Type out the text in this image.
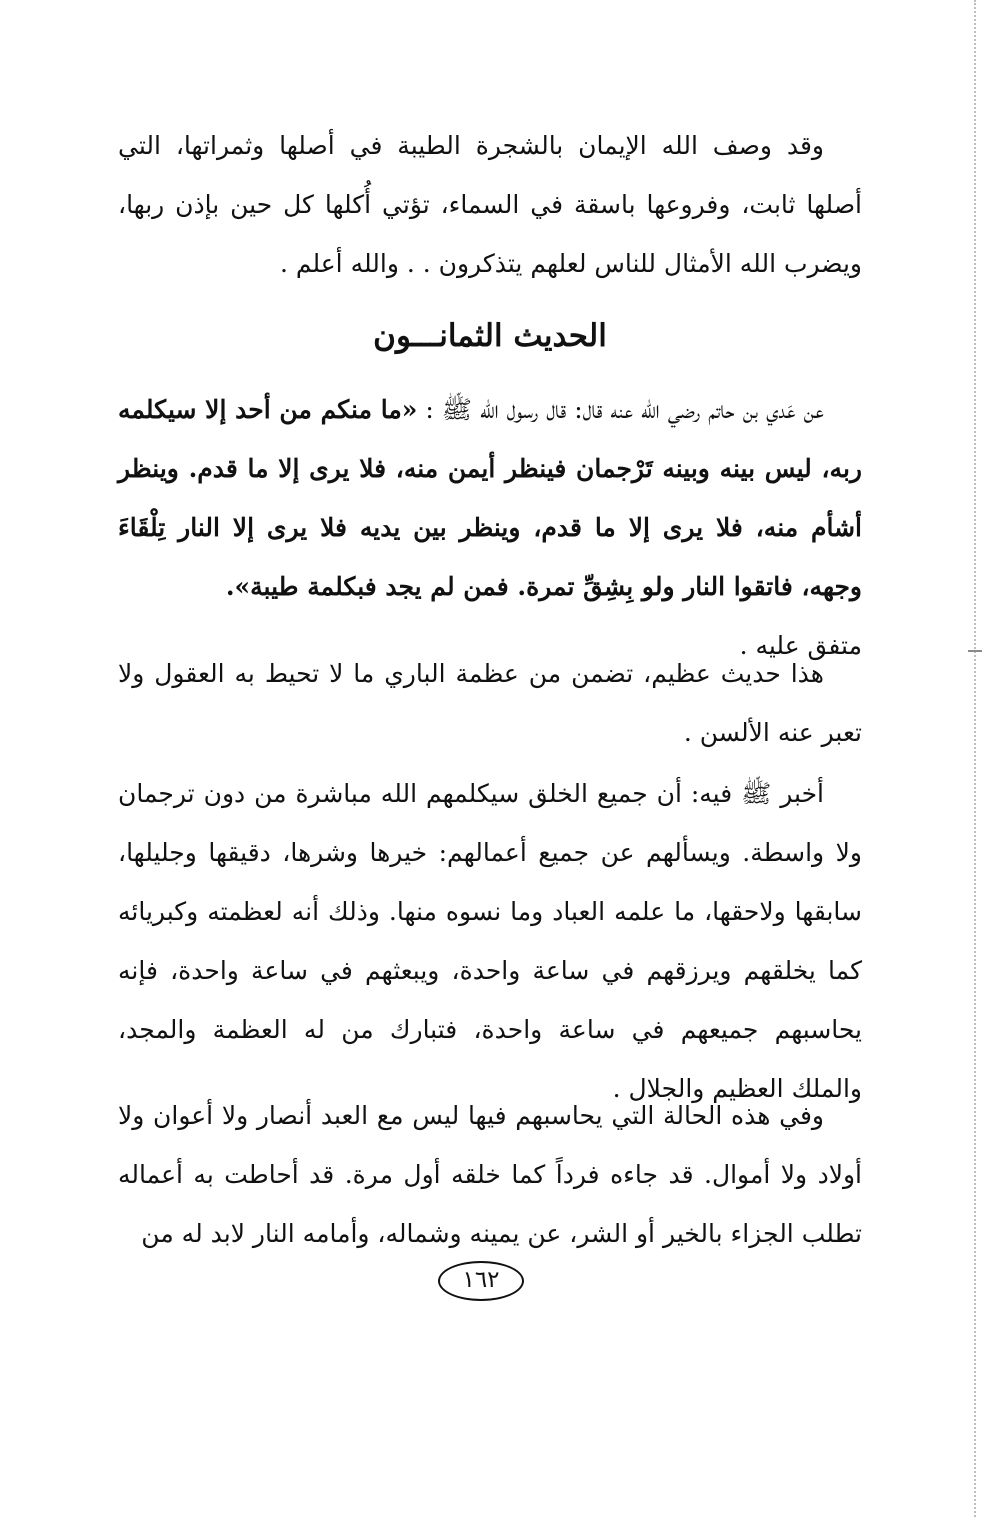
وقد وصف الله الإيمان بالشجرة الطيبة في أصلها وثمراتها، التي أصلها ثابت، وفروعها باسقة في السماء، تؤتي أُكلها كل حين بإذن ربها، ويضرب الله الأمثال للناس لعلهم يتذكرون . . والله أعلم .

الحديث الثمانـــون

عن عَدي بن حاتم رضي الله عنه قال: قال رسول الله ﷺ : «ما منكم من أحد إلا سيكلمه ربه، ليس بينه وبينه تَرْجمان فينظر أيمن منه، فلا يرى إلا ما قدم. وينظر أشأم منه، فلا يرى إلا ما قدم، وينظر بين يديه فلا يرى إلا النار تِلْقَاءَ وجهه، فاتقوا النار ولو بِشِقِّ تمرة. فمن لم يجد فبكلمة طيبة».
متفق عليه .

هذا حديث عظيم، تضمن من عظمة الباري ما لا تحيط به العقول ولا تعبر عنه الألسن .

أخبر ﷺ فيه: أن جميع الخلق سيكلمهم الله مباشرة من دون ترجمان ولا واسطة. ويسألهم عن جميع أعمالهم: خيرها وشرها، دقيقها وجليلها، سابقها ولاحقها، ما علمه العباد وما نسوه منها. وذلك أنه لعظمته وكبريائه كما يخلقهم ويرزقهم في ساعة واحدة، ويبعثهم في ساعة واحدة، فإنه يحاسبهم جميعهم في ساعة واحدة، فتبارك من له العظمة والمجد، والملك العظيم والجلال .

وفي هذه الحالة التي يحاسبهم فيها ليس مع العبد أنصار ولا أعوان ولا أولاد ولا أموال. قد جاءه فرداً كما خلقه أول مرة. قد أحاطت به أعماله تطلب الجزاء بالخير أو الشر، عن يمينه وشماله، وأمامه النار لابد له من

١٦٢
